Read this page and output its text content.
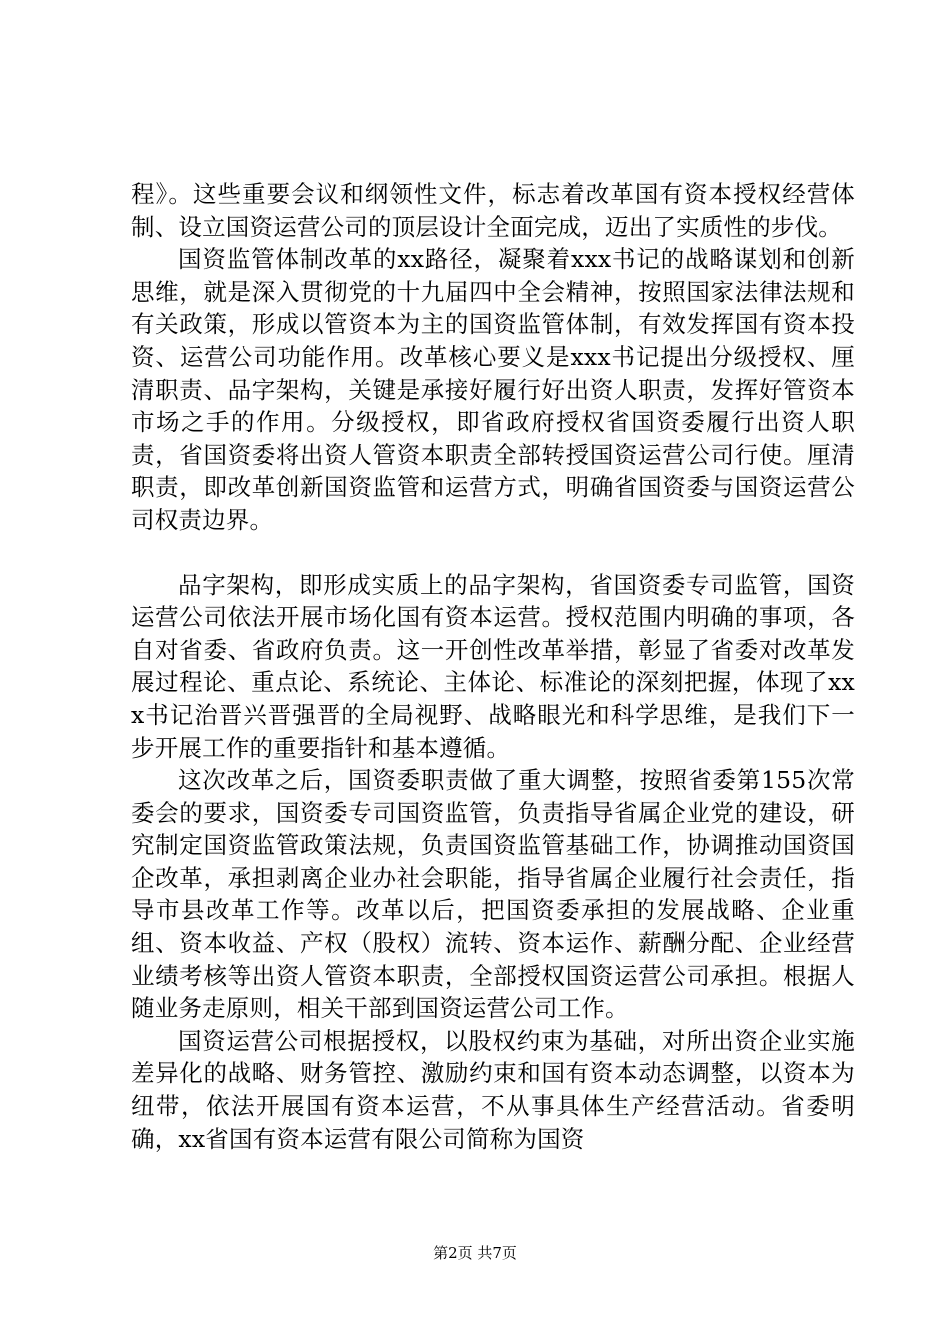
程》。这些重要会议和纲领性文件，标志着改革国有资本授权经营体制、设立国资运营公司的顶层设计全面完成，迈出了实质性的步伐。

国资监管体制改革的xx路径，凝聚着xxx书记的战略谋划和创新思维，就是深入贯彻党的十九届四中全会精神，按照国家法律法规和有关政策，形成以管资本为主的国资监管体制，有效发挥国有资本投资、运营公司功能作用。改革核心要义是xxx书记提出分级授权、厘清职责、品字架构，关键是承接好履行好出资人职责，发挥好管资本市场之手的作用。分级授权，即省政府授权省国资委履行出资人职责，省国资委将出资人管资本职责全部转授国资运营公司行使。厘清职责，即改革创新国资监管和运营方式，明确省国资委与国资运营公司权责边界。

品字架构，即形成实质上的品字架构，省国资委专司监管，国资运营公司依法开展市场化国有资本运营。授权范围内明确的事项，各自对省委、省政府负责。这一开创性改革举措，彰显了省委对改革发展过程论、重点论、系统论、主体论、标准论的深刻把握，体现了xxx书记治晋兴晋强晋的全局视野、战略眼光和科学思维，是我们下一步开展工作的重要指针和基本遵循。

这次改革之后，国资委职责做了重大调整，按照省委第155次常委会的要求，国资委专司国资监管，负责指导省属企业党的建设，研究制定国资监管政策法规，负责国资监管基础工作，协调推动国资国企改革，承担剥离企业办社会职能，指导省属企业履行社会责任，指导市县改革工作等。改革以后，把国资委承担的发展战略、企业重组、资本收益、产权（股权）流转、资本运作、薪酬分配、企业经营业绩考核等出资人管资本职责，全部授权国资运营公司承担。根据人随业务走原则，相关干部到国资运营公司工作。

国资运营公司根据授权，以股权约束为基础，对所出资企业实施差异化的战略、财务管控、激励约束和国有资本动态调整，以资本为纽带，依法开展国有资本运营，不从事具体生产经营活动。省委明确，xx省国有资本运营有限公司简称为国资

第2页 共7页
